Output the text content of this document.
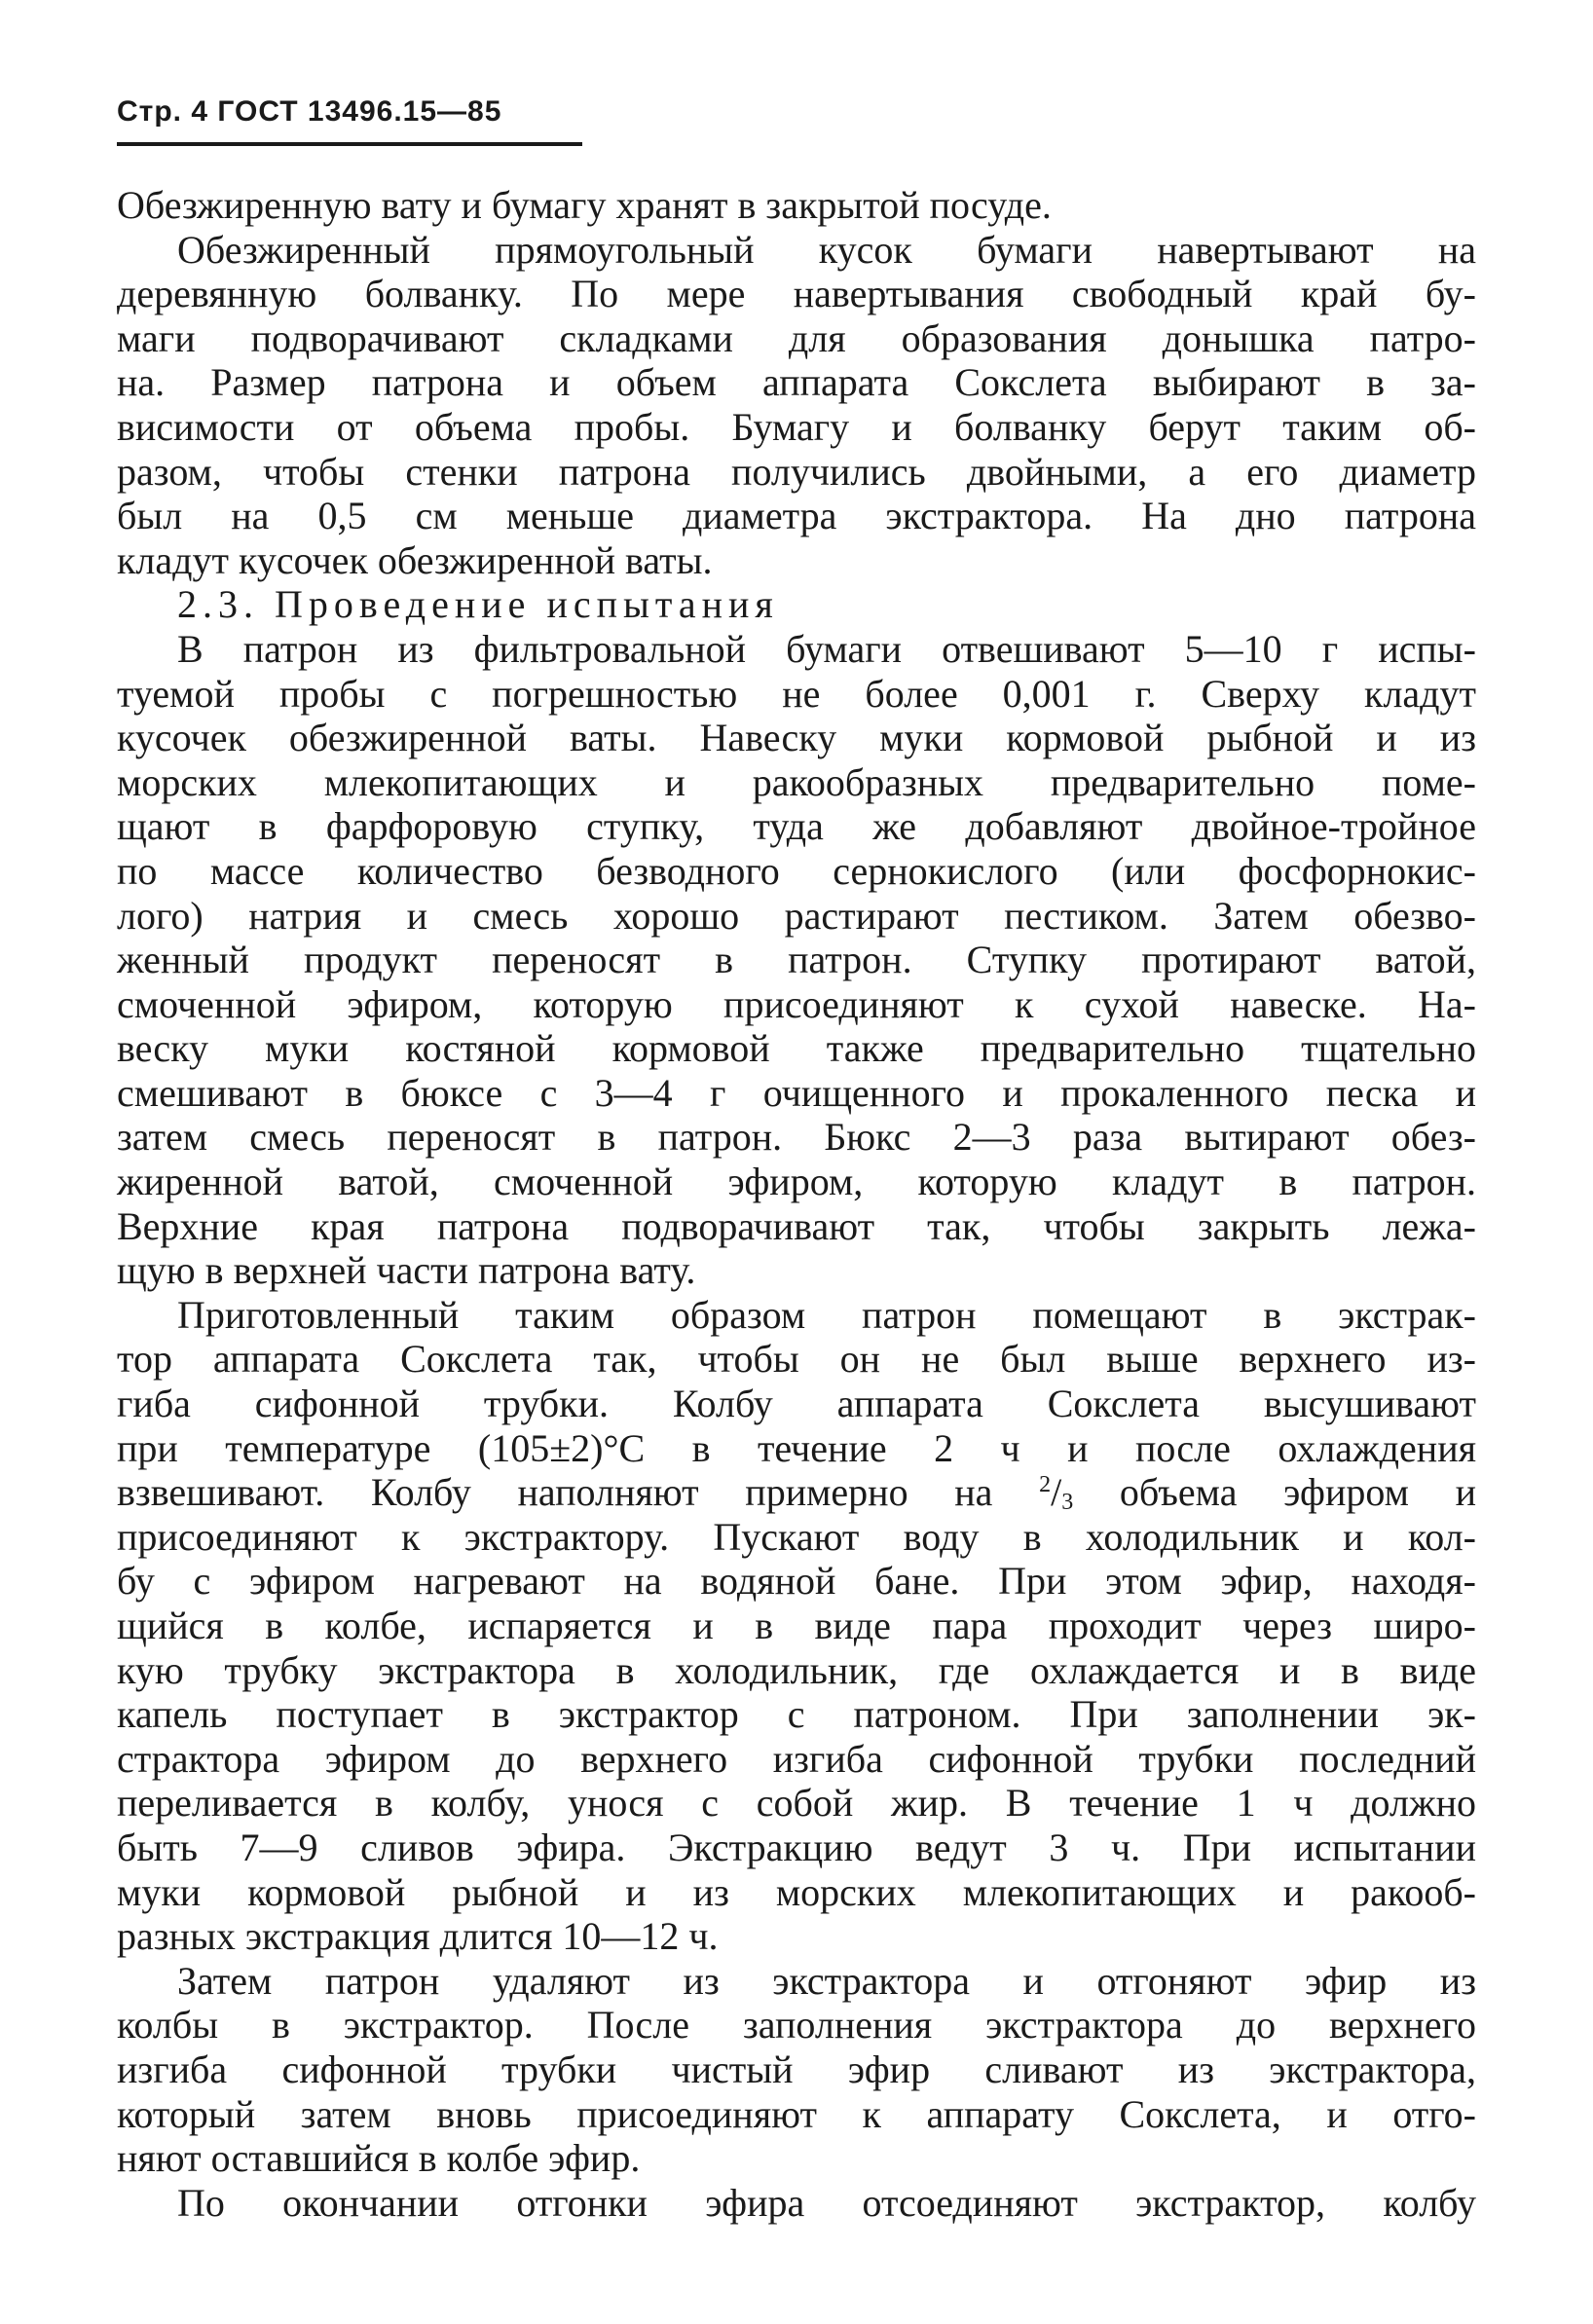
Стр. 4 ГОСТ 13496.15—85
Обезжиренную вату и бумагу хранят в закрытой посуде.
Обезжиренный прямоугольный кусок бумаги навертывают на
деревянную болванку. По мере навертывания свободный край бу-
маги подворачивают складками для образования донышка патро-
на. Размер патрона и объем аппарата Сокслета выбирают в за-
висимости от объема пробы. Бумагу и болванку берут таким об-
разом, чтобы стенки патрона получились двойными, а его диаметр
был на 0,5 см меньше диаметра экстрактора. На дно патрона
кладут кусочек обезжиренной ваты.
2.3. Проведение испытания
В патрон из фильтровальной бумаги отвешивают 5—10 г испы-
туемой пробы с погрешностью не более 0,001 г. Сверху кладут
кусочек обезжиренной ваты. Навеску муки кормовой рыбной и из
морских млекопитающих и ракообразных предварительно поме-
щают в фарфоровую ступку, туда же добавляют двойное-тройное
по массе количество безводного сернокислого (или фосфорнокис-
лого) натрия и смесь хорошо растирают пестиком. Затем обезво-
женный продукт переносят в патрон. Ступку протирают ватой,
смоченной эфиром, которую присоединяют к сухой навеске. На-
веску муки костяной кормовой также предварительно тщательно
смешивают в бюксе с 3—4 г очищенного и прокаленного песка и
затем смесь переносят в патрон. Бюкс 2—3 раза вытирают обез-
жиренной ватой, смоченной эфиром, которую кладут в патрон.
Верхние края патрона подворачивают так, чтобы закрыть лежа-
щую в верхней части патрона вату.
Приготовленный таким образом патрон помещают в экстрак-
тор аппарата Сокслета так, чтобы он не был выше верхнего из-
гиба сифонной трубки. Колбу аппарата Сокслета высушивают
при температуре (105±2)°С в течение 2 ч и после охлаждения
взвешивают. Колбу наполняют примерно на $^2/_3$ объема эфиром и
присоединяют к экстрактору. Пускают воду в холодильник и кол-
бу с эфиром нагревают на водяной бане. При этом эфир, находя-
щийся в колбе, испаряется и в виде пара проходит через широ-
кую трубку экстрактора в холодильник, где охлаждается и в виде
капель поступает в экстрактор с патроном. При заполнении эк-
страктора эфиром до верхнего изгиба сифонной трубки последний
переливается в колбу, унося с собой жир. В течение 1 ч должно
быть 7—9 сливов эфира. Экстракцию ведут 3 ч. При испытании
муки кормовой рыбной и из морских млекопитающих и ракооб-
разных экстракция длится 10—12 ч.
Затем патрон удаляют из экстрактора и отгоняют эфир из
колбы в экстрактор. После заполнения экстрактора до верхнего
изгиба сифонной трубки чистый эфир сливают из экстрактора,
который затем вновь присоединяют к аппарату Сокслета, и отго-
няют оставшийся в колбе эфир.
По окончании отгонки эфира отсоединяют экстрактор, колбу
